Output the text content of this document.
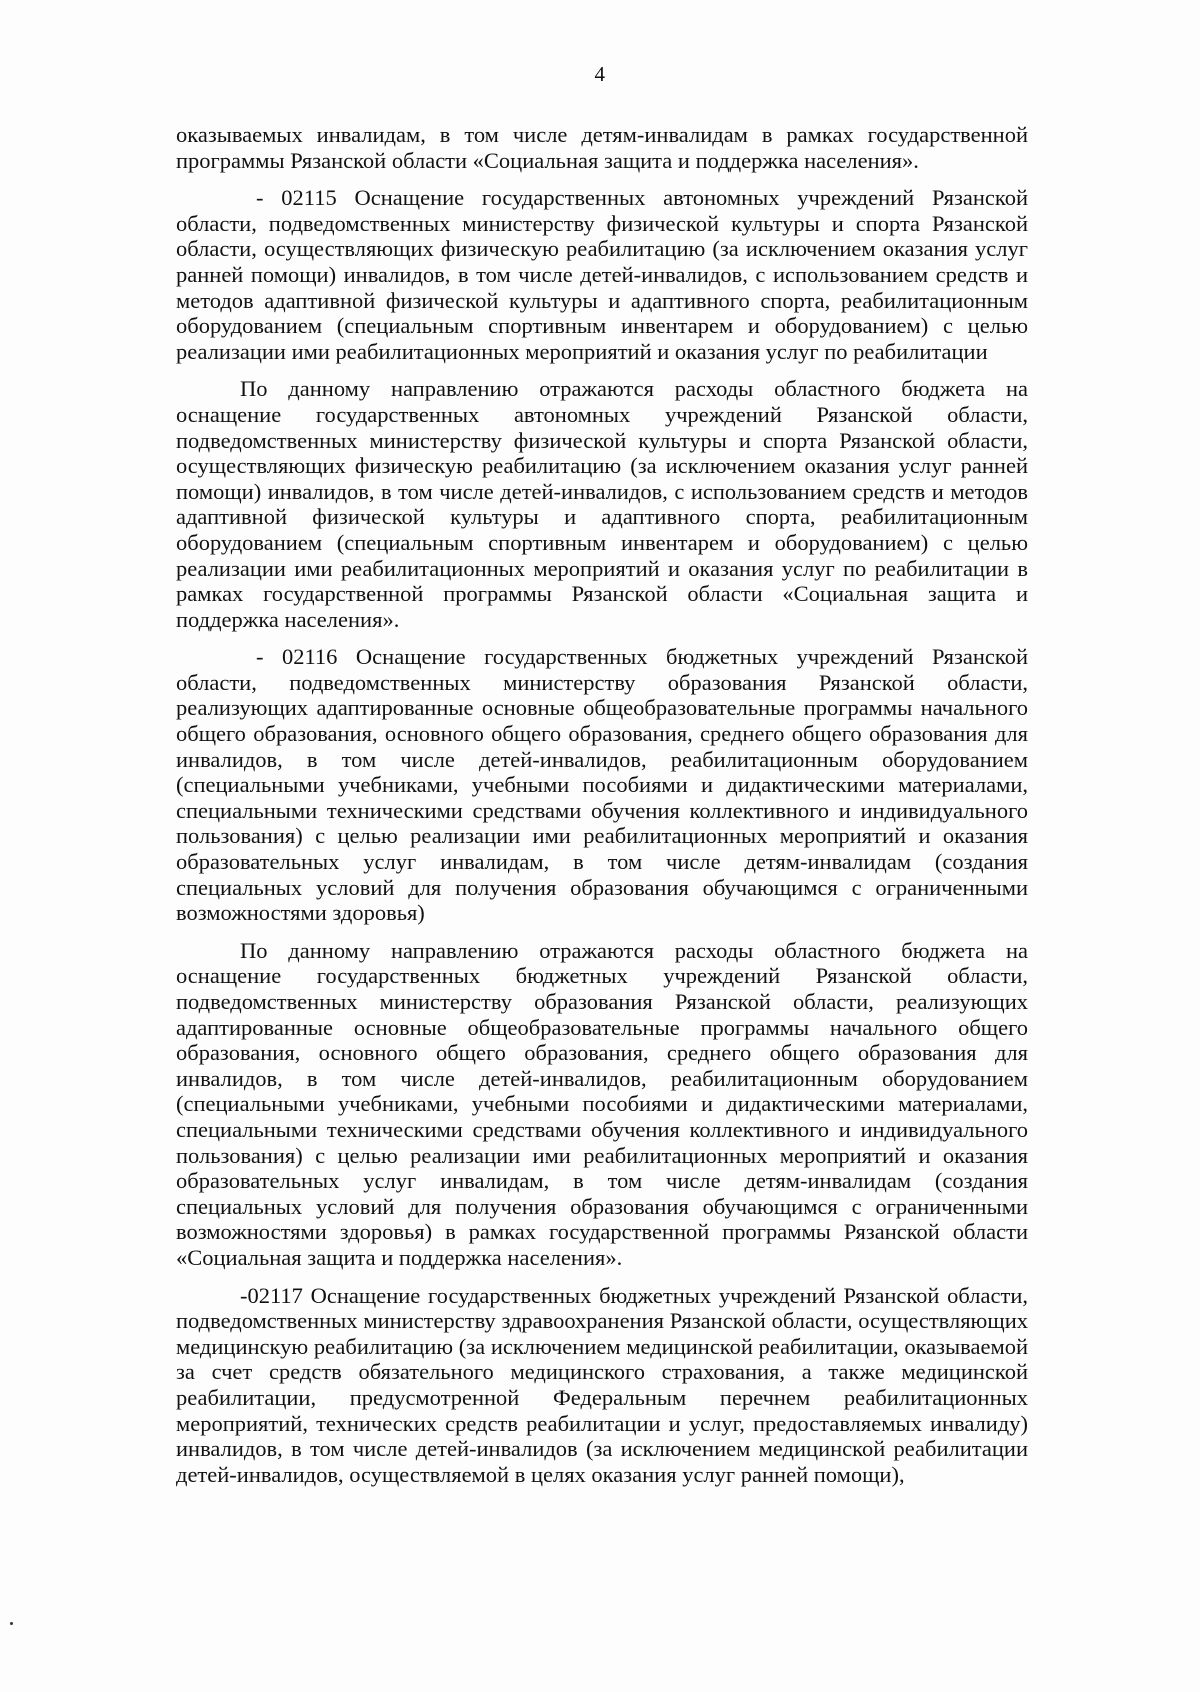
4

оказываемых инвалидам, в том числе детям-инвалидам в рамках государственной программы Рязанской области «Социальная защита и поддержка населения».

- 02115 Оснащение государственных автономных учреждений Рязанской области, подведомственных министерству физической культуры и спорта Рязанской области, осуществляющих физическую реабилитацию (за исключением оказания услуг ранней помощи) инвалидов, в том числе детей-инвалидов, с использованием средств и методов адаптивной физической культуры и адаптивного спорта, реабилитационным оборудованием (специальным спортивным инвентарем и оборудованием) с целью реализации ими реабилитационных мероприятий и оказания услуг по реабилитации

По данному направлению отражаются расходы областного бюджета на оснащение государственных автономных учреждений Рязанской области, подведомственных министерству физической культуры и спорта Рязанской области, осуществляющих физическую реабилитацию (за исключением оказания услуг ранней помощи) инвалидов, в том числе детей-инвалидов, с использованием средств и методов адаптивной физической культуры и адаптивного спорта, реабилитационным оборудованием (специальным спортивным инвентарем и оборудованием) с целью реализации ими реабилитационных мероприятий и оказания услуг по реабилитации в рамках государственной программы Рязанской области «Социальная защита и поддержка населения».

- 02116 Оснащение государственных бюджетных учреждений Рязанской области, подведомственных министерству образования Рязанской области, реализующих адаптированные основные общеобразовательные программы начального общего образования, основного общего образования, среднего общего образования для инвалидов, в том числе детей-инвалидов, реабилитационным оборудованием (специальными учебниками, учебными пособиями и дидактическими материалами, специальными техническими средствами обучения коллективного и индивидуального пользования) с целью реализации ими реабилитационных мероприятий и оказания образовательных услуг инвалидам, в том числе детям-инвалидам (создания специальных условий для получения образования обучающимся с ограниченными возможностями здоровья)

По данному направлению отражаются расходы областного бюджета на оснащение государственных бюджетных учреждений Рязанской области, подведомственных министерству образования Рязанской области, реализующих адаптированные основные общеобразовательные программы начального общего образования, основного общего образования, среднего общего образования для инвалидов, в том числе детей-инвалидов, реабилитационным оборудованием (специальными учебниками, учебными пособиями и дидактическими материалами, специальными техническими средствами обучения коллективного и индивидуального пользования) с целью реализации ими реабилитационных мероприятий и оказания образовательных услуг инвалидам, в том числе детям-инвалидам (создания специальных условий для получения образования обучающимся с ограниченными возможностями здоровья) в рамках государственной программы Рязанской области «Социальная защита и поддержка населения».

-02117 Оснащение государственных бюджетных учреждений Рязанской области, подведомственных министерству здравоохранения Рязанской области, осуществляющих медицинскую реабилитацию (за исключением медицинской реабилитации, оказываемой за счет средств обязательного медицинского страхования, а также медицинской реабилитации, предусмотренной Федеральным перечнем реабилитационных мероприятий, технических средств реабилитации и услуг, предоставляемых инвалиду) инвалидов, в том числе детей-инвалидов (за исключением медицинской реабилитации детей-инвалидов, осуществляемой в целях оказания услуг ранней помощи),
